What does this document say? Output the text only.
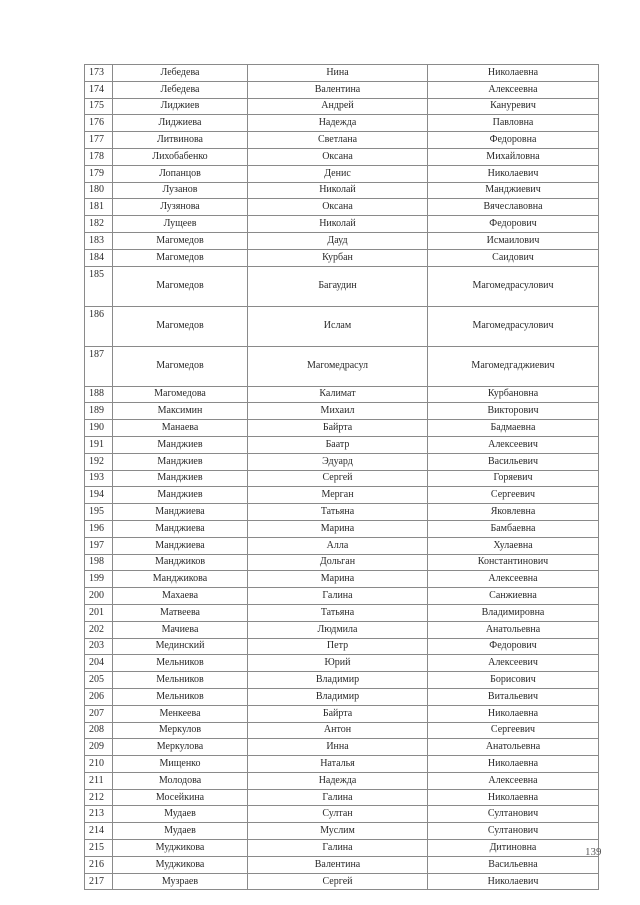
173	Лебедева	Нина	Николаевна
174	Лебедева	Валентина	Алексеевна
175	Лиджиев	Андрей	Кануревич
176	Лиджиева	Надежда	Павловна
177	Литвинова	Светлана	Федоровна
178	Лихобабенко	Оксана	Михайловна
179	Лопанцов	Денис	Николаевич
180	Лузанов	Николай	Манджиевич
181	Лузянова	Оксана	Вячеславовна
182	Лущеев	Николай	Федорович
183	Магомедов	Дауд	Исмаилович
184	Магомедов	Курбан	Саидович
185	Магомедов	Багаудин	Магомедрасулович
186	Магомедов	Ислам	Магомедрасулович
187	Магомедов	Магомедрасул	Магомедгаджиевич
188	Магомедова	Калимат	Курбановна
189	Максимин	Михаил	Викторович
190	Манаева	Байрта	Бадмаевна
191	Манджиев	Баатр	Алексеевич
192	Манджиев	Эдуард	Васильевич
193	Манджиев	Сергей	Горяевич
194	Манджиев	Мерган	Сергеевич
195	Манджиева	Татьяна	Яковлевна
196	Манджиева	Марина	Бамбаевна
197	Манджиева	Алла	Хулаевна
198	Манджиков	Дольган	Константинович
199	Манджикова	Марина	Алексеевна
200	Махаева	Галина	Санжиевна
201	Матвеева	Татьяна	Владимировна
202	Мачиева	Людмила	Анатольевна
203	Мединский	Петр	Федорович
204	Мельников	Юрий	Алексеевич
205	Мельников	Владимир	Борисович
206	Мельников	Владимир	Витальевич
207	Менкеева	Байрта	Николаевна
208	Меркулов	Антон	Сергеевич
209	Меркулова	Инна	Анатольевна
210	Мищенко	Наталья	Николаевна
211	Молодова	Надежда	Алексеевна
212	Мосейкина	Галина	Николаевна
213	Мудаев	Султан	Султанович
214	Мудаев	Муслим	Султанович
215	Муджикова	Галина	Дитиновна
216	Муджикова	Валентина	Васильевна
217	Музраев	Сергей	Николаевич
139
